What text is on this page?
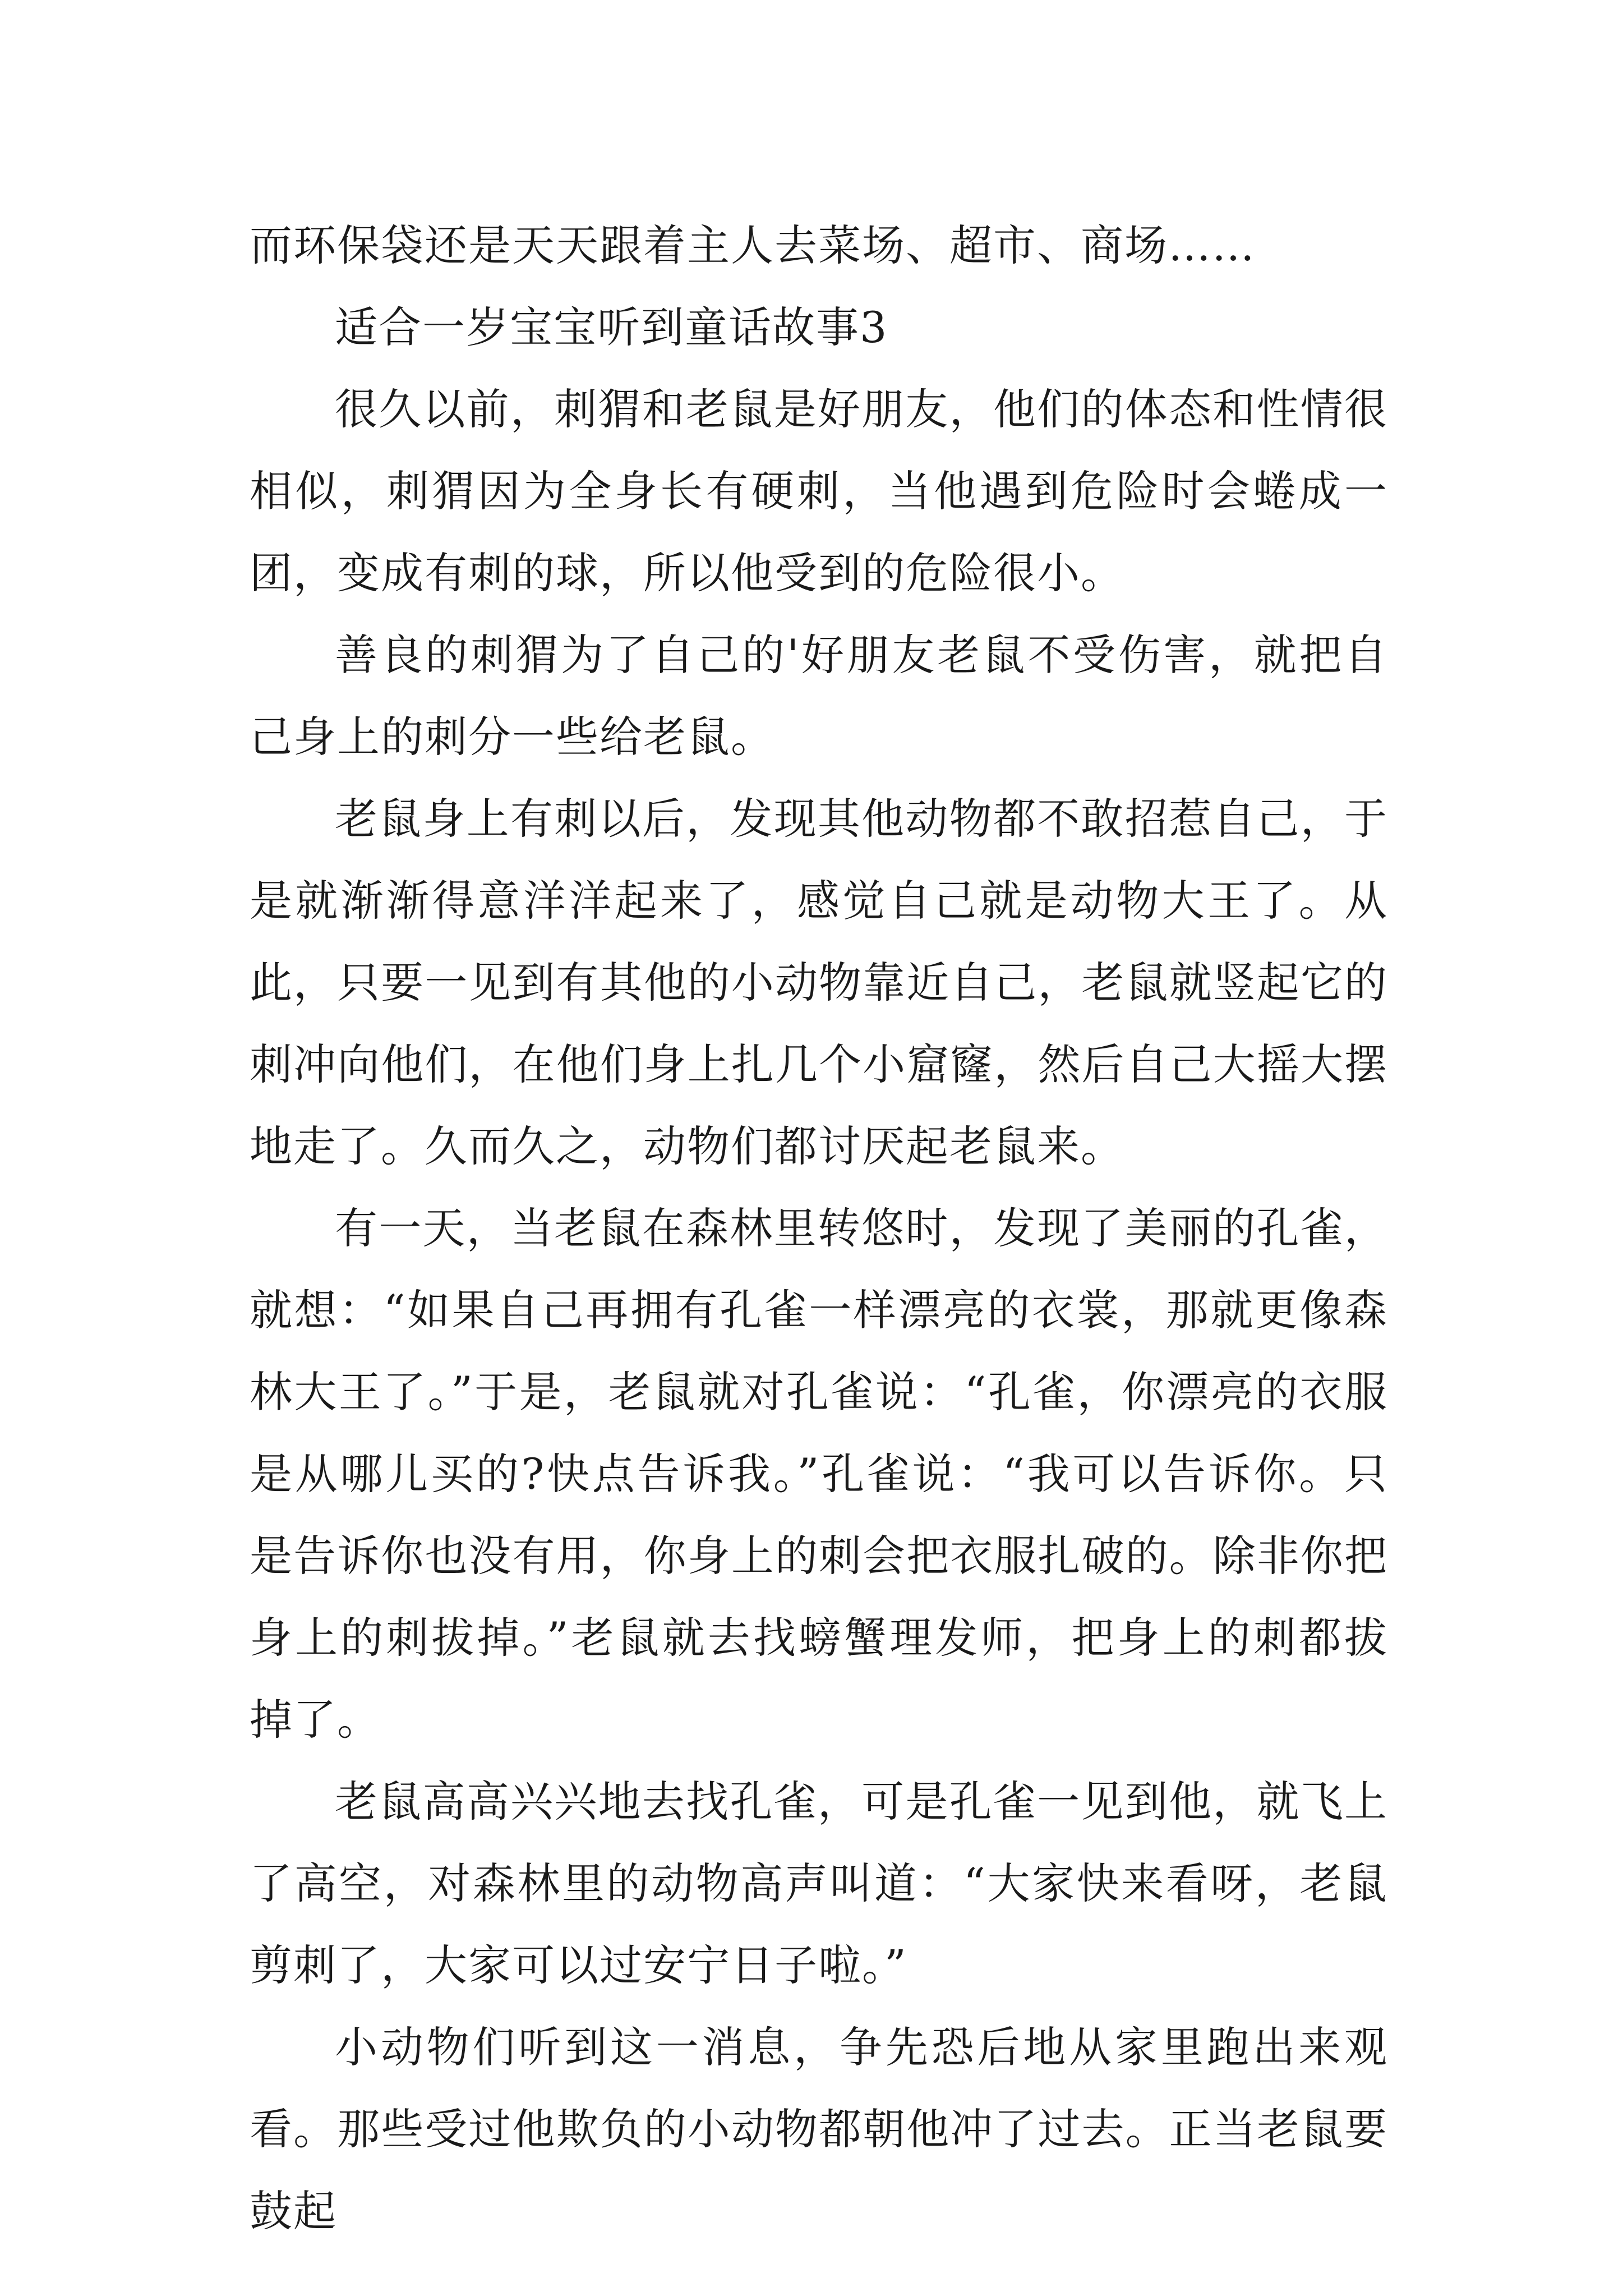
而环保袋还是天天跟着主人去菜场、超市、商场……

适合一岁宝宝听到童话故事3

很久以前，刺猬和老鼠是好朋友，他们的体态和性情很相似，刺猬因为全身长有硬刺，当他遇到危险时会蜷成一团，变成有刺的球，所以他受到的危险很小。

善良的刺猬为了自己的'好朋友老鼠不受伤害，就把自己身上的刺分一些给老鼠。

老鼠身上有刺以后，发现其他动物都不敢招惹自己，于是就渐渐得意洋洋起来了，感觉自己就是动物大王了。从此，只要一见到有其他的小动物靠近自己，老鼠就竖起它的刺冲向他们，在他们身上扎几个小窟窿，然后自己大摇大摆地走了。久而久之，动物们都讨厌起老鼠来。

有一天，当老鼠在森林里转悠时，发现了美丽的孔雀，就想：“如果自己再拥有孔雀一样漂亮的衣裳，那就更像森林大王了。”于是，老鼠就对孔雀说：“孔雀，你漂亮的衣服是从哪儿买的?快点告诉我。”孔雀说：“我可以告诉你。只是告诉你也没有用，你身上的刺会把衣服扎破的。除非你把身上的刺拔掉。”老鼠就去找螃蟹理发师，把身上的刺都拔掉了。

老鼠高高兴兴地去找孔雀，可是孔雀一见到他，就飞上了高空，对森林里的动物高声叫道：“大家快来看呀，老鼠剪刺了，大家可以过安宁日子啦。”

小动物们听到这一消息，争先恐后地从家里跑出来观看。那些受过他欺负的小动物都朝他冲了过去。正当老鼠要鼓起
